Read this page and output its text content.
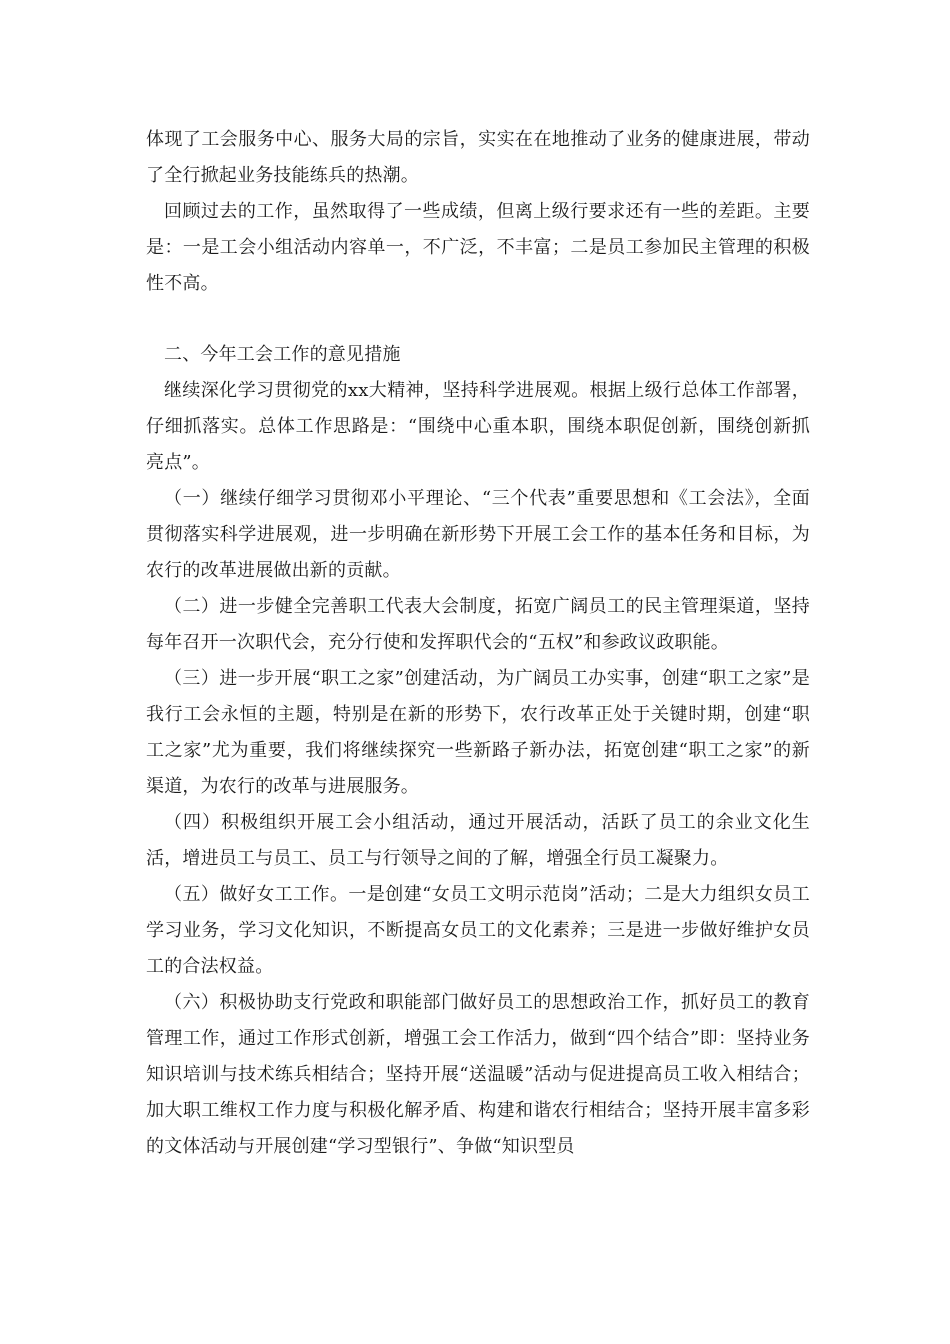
体现了工会服务中心、服务大局的宗旨，实实在在地推动了业务的健康进展，带动了全行掀起业务技能练兵的热潮。

回顾过去的工作，虽然取得了一些成绩，但离上级行要求还有一些的差距。主要是：一是工会小组活动内容单一，不广泛，不丰富；二是员工参加民主管理的积极性不高。

二、今年工会工作的意见措施

继续深化学习贯彻党的xx大精神，坚持科学进展观。根据上级行总体工作部署，仔细抓落实。总体工作思路是：“围绕中心重本职，围绕本职促创新，围绕创新抓亮点”。

（一）继续仔细学习贯彻邓小平理论、“三个代表”重要思想和《工会法》，全面贯彻落实科学进展观，进一步明确在新形势下开展工会工作的基本任务和目标，为农行的改革进展做出新的贡献。

（二）进一步健全完善职工代表大会制度，拓宽广阔员工的民主管理渠道，坚持每年召开一次职代会，充分行使和发挥职代会的“五权”和参政议政职能。

（三）进一步开展“职工之家”创建活动，为广阔员工办实事，创建“职工之家”是我行工会永恒的主题，特别是在新的形势下，农行改革正处于关键时期，创建“职工之家”尤为重要，我们将继续探究一些新路子新办法，拓宽创建“职工之家”的新渠道，为农行的改革与进展服务。

（四）积极组织开展工会小组活动，通过开展活动，活跃了员工的余业文化生活，增进员工与员工、员工与行领导之间的了解，增强全行员工凝聚力。

（五）做好女工工作。一是创建“女员工文明示范岗”活动；二是大力组织女员工学习业务，学习文化知识，不断提高女员工的文化素养；三是进一步做好维护女员工的合法权益。

（六）积极协助支行党政和职能部门做好员工的思想政治工作，抓好员工的教育管理工作，通过工作形式创新，增强工会工作活力，做到“四个结合”即：坚持业务知识培训与技术练兵相结合；坚持开展“送温暖”活动与促进提高员工收入相结合；加大职工维权工作力度与积极化解矛盾、构建和谐农行相结合；坚持开展丰富多彩的文体活动与开展创建“学习型银行”、争做“知识型员
